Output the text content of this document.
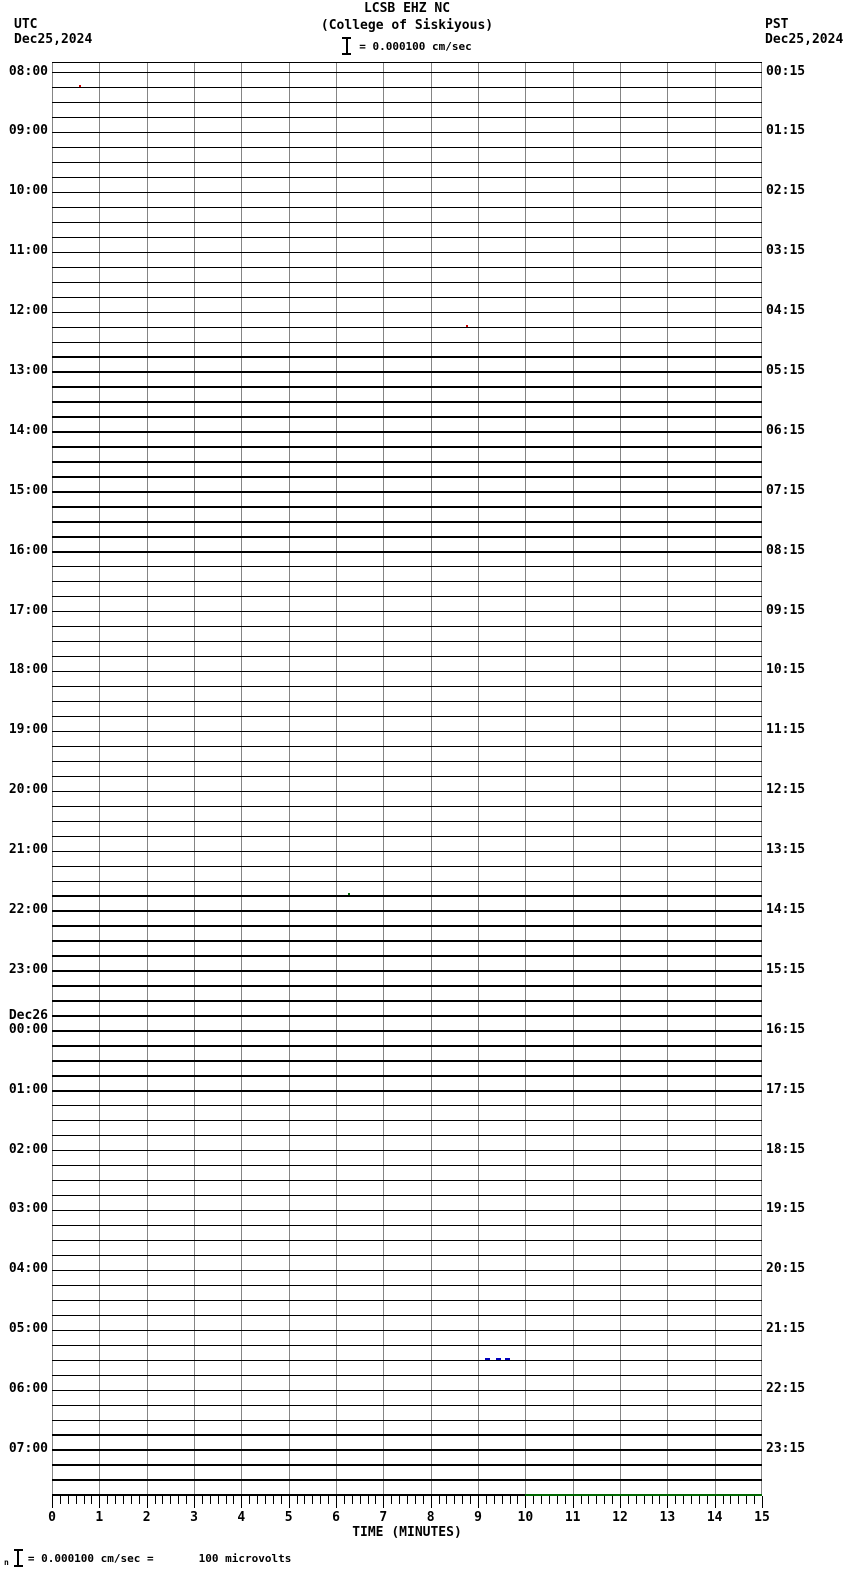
UTC
Dec25,2024
LCSB EHZ NC
(College of Siskiyous)
= 0.000100 cm/sec
PST
Dec25,2024
08:00
09:00
10:00
11:00
12:00
13:00
14:00
15:00
16:00
17:00
18:00
19:00
20:00
21:00
22:00
23:00
Dec26
00:00
01:00
02:00
03:00
04:00
05:00
06:00
07:00
00:15
01:15
02:15
03:15
04:15
05:15
06:15
07:15
08:15
09:15
10:15
11:15
12:15
13:15
14:15
15:15
16:15
17:15
18:15
19:15
20:15
21:15
22:15
23:15
0	1	2	3	4	5	6	7	8	9	10	11	12	13	14	15
TIME (MINUTES)
n = 0.000100 cm/sec =	100 microvolts
